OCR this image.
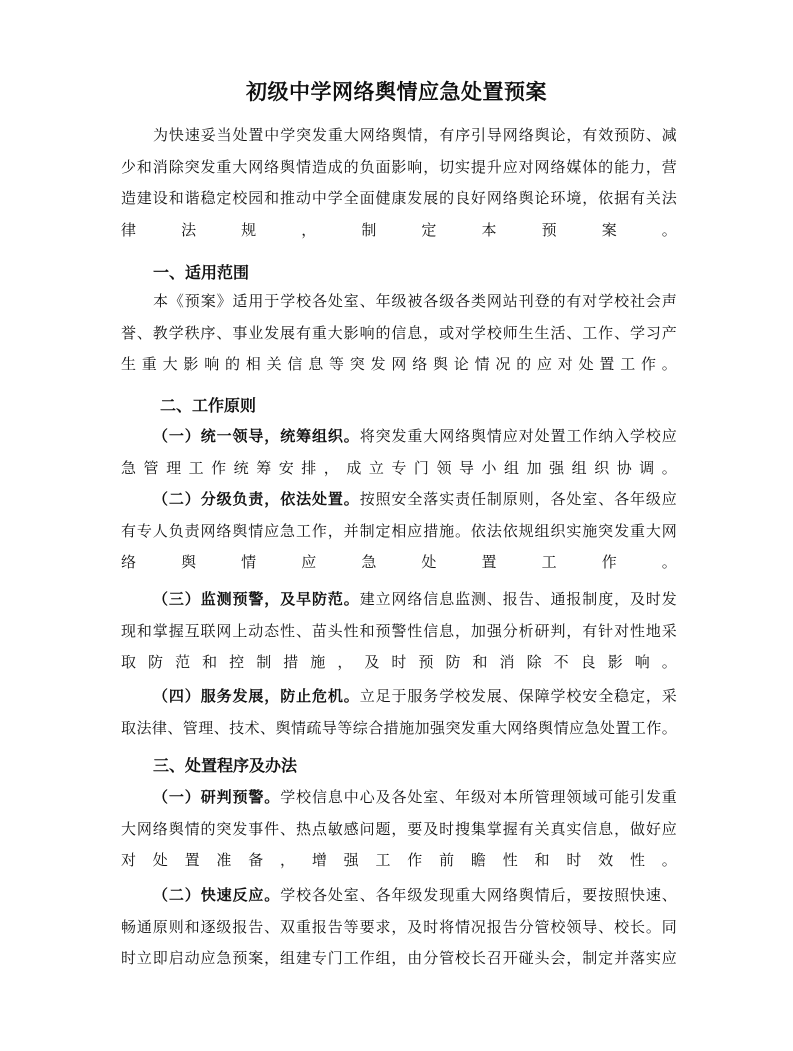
初级中学网络舆情应急处置预案
为快速妥当处置中学突发重大网络舆情，有序引导网络舆论，有效预防、减
少和消除突发重大网络舆情造成的负面影响，切实提升应对网络媒体的能力，营
造建设和谐稳定校园和推动中学全面健康发展的良好网络舆论环境，依据有关法
律法规，制定本预案。
一、适用范围
本《预案》适用于学校各处室、年级被各级各类网站刊登的有对学校社会声
誉、教学秩序、事业发展有重大影响的信息，或对学校师生生活、工作、学习产
生重大影响的相关信息等突发网络舆论情况的应对处置工作。
二、工作原则
（一）统一领导，统筹组织。将突发重大网络舆情应对处置工作纳入学校应
急管理工作统筹安排，成立专门领导小组加强组织协调。
（二）分级负责，依法处置。按照安全落实责任制原则，各处室、各年级应
有专人负责网络舆情应急工作，并制定相应措施。依法依规组织实施突发重大网
络舆情应急处置工作。
（三）监测预警，及早防范。建立网络信息监测、报告、通报制度，及时发
现和掌握互联网上动态性、苗头性和预警性信息，加强分析研判，有针对性地采
取防范和控制措施，及时预防和消除不良影响。
（四）服务发展，防止危机。立足于服务学校发展、保障学校安全稳定，采
取法律、管理、技术、舆情疏导等综合措施加强突发重大网络舆情应急处置工作。
三、处置程序及办法
（一）研判预警。学校信息中心及各处室、年级对本所管理领域可能引发重
大网络舆情的突发事件、热点敏感问题，要及时搜集掌握有关真实信息，做好应
对处置准备，增强工作前瞻性和时效性。
（二）快速反应。学校各处室、各年级发现重大网络舆情后，要按照快速、
畅通原则和逐级报告、双重报告等要求，及时将情况报告分管校领导、校长。同
时立即启动应急预案，组建专门工作组，由分管校长召开碰头会，制定并落实应
